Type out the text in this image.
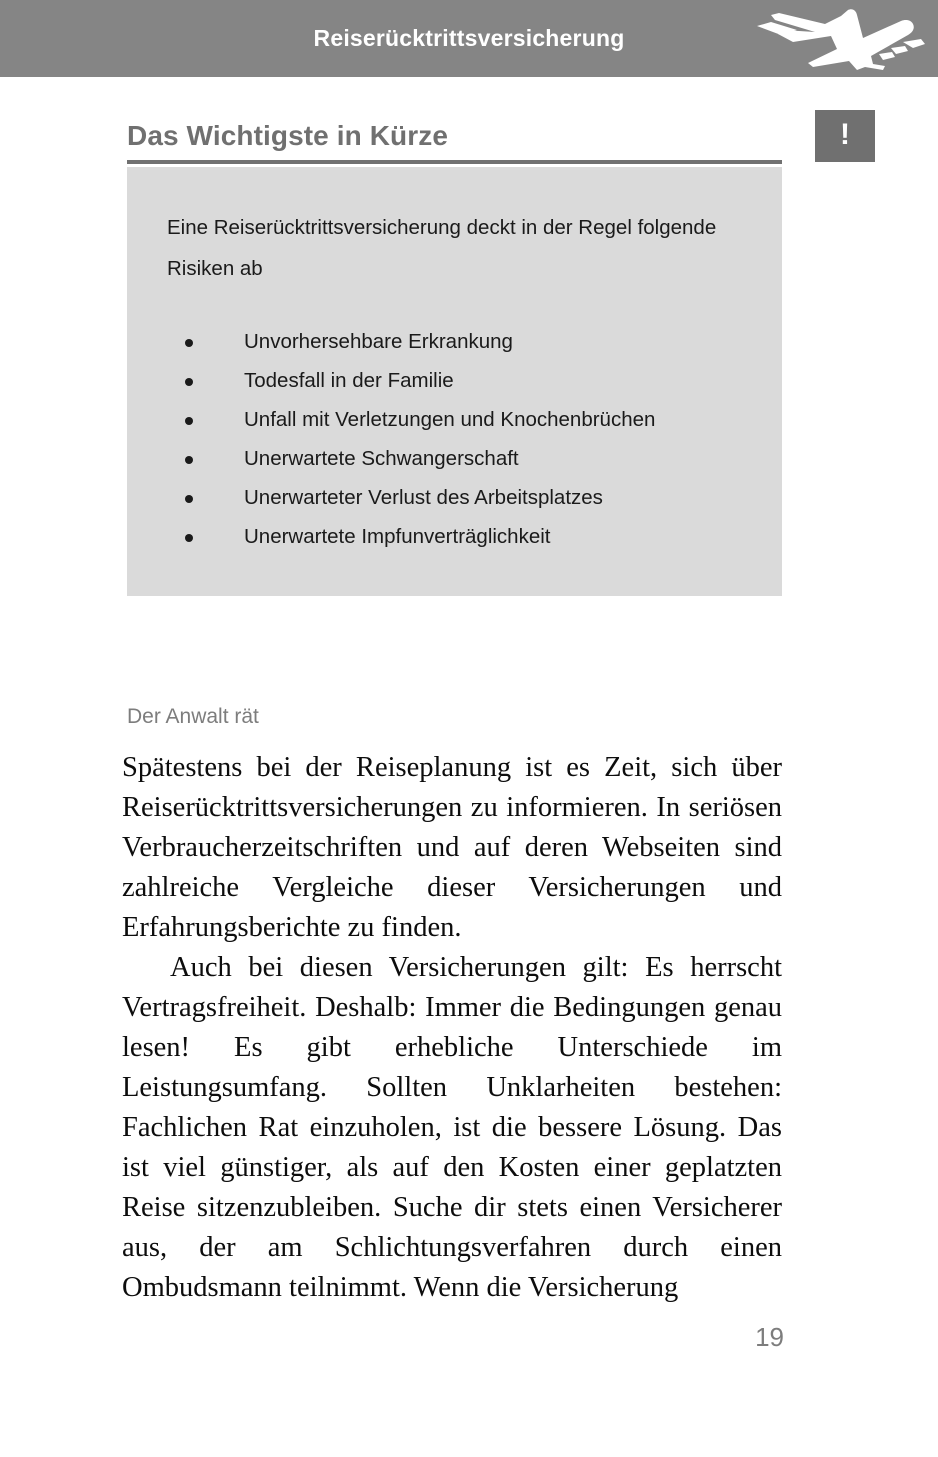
Reiserücktrittsversicherung
Das Wichtigste in Kürze	!
Eine Reiserücktrittsversicherung deckt in der Regel folgende Risiken ab
Unvorhersehbare Erkrankung
Todesfall in der Familie
Unfall mit Verletzungen und Knochenbrüchen
Unerwartete Schwangerschaft
Unerwarteter Verlust des Arbeitsplatzes
Unerwartete Impfunverträglichkeit
Der Anwalt rät

Spätestens bei der Reiseplanung ist es Zeit, sich über Reiserücktrittsversicherungen zu informieren. In seriösen Verbraucherzeitschriften und auf deren Webseiten sind zahlreiche Vergleiche dieser Versicherungen und Erfahrungsberichte zu finden.

Auch bei diesen Versicherungen gilt: Es herrscht Vertragsfreiheit. Deshalb: Immer die Bedingungen genau lesen! Es gibt erhebliche Unterschiede im Leistungsumfang. Sollten Unklarheiten bestehen: Fachlichen Rat einzuholen, ist die bessere Lösung. Das ist viel günstiger, als auf den Kosten einer geplatzten Reise sitzenzubleiben. Suche dir stets einen Versicherer aus, der am Schlichtungsverfahren durch einen Ombudsmann teilnimmt. Wenn die Versicherung

19
